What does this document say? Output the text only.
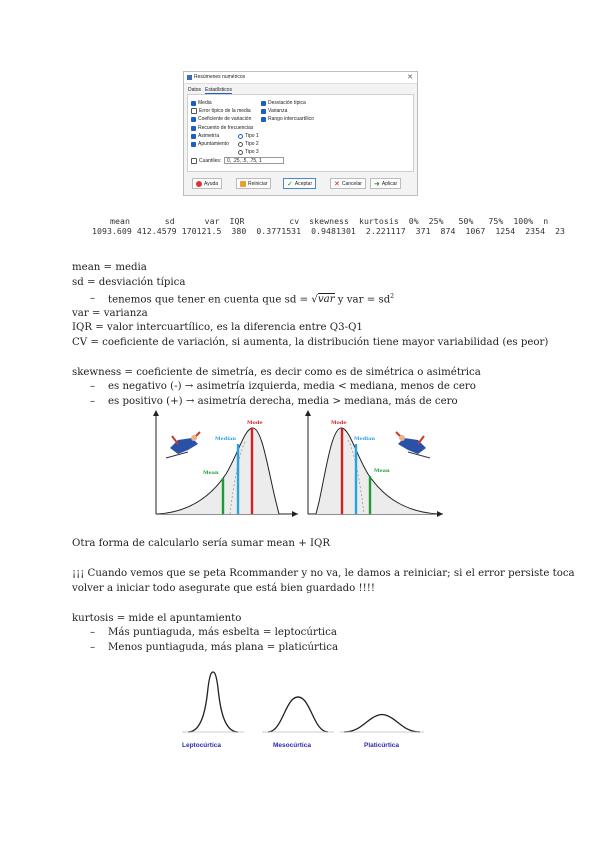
Resúmenes numéricos	✕
Datos Estadísticos
Media
Error típico de la media
Coeficiente de variación
Recuento de frecuencias
Asimetría
Apuntamiento
Desviación típica
Varianza
Rango intercuartílico
Tipo 1
Tipo 2
Tipo 3
Cuantiles:	0, .25, .5, .75, 1
Ayuda	Reiniciar	✓ Aceptar	✕ Cancelar ➜ Aplicar
mean       sd      var  IQR         cv  skewness  kurtosis  0%  25%   50%   75%  100%  n
1093.609 412.4579 170121.5  380  0.3771531  0.9481301  2.221117  371  874  1067  1254  2354  23
mean = media
sd = desviación típica
– tenemos que tener en cuenta que sd = √var y var = $sd^2$
var = varianza
IQR = valor intercuartílico, es la diferencia entre Q3-Q1
CV = coeficiente de variación, si aumenta, la distribución tiene mayor variabilidad (es peor)
skewness = coeficiente de simetría, es decir como es de simétrica o asimétrica
– es negativo (-) → asimetría izquierda, media < mediana, menos de cero
– es positivo (+) → asimetría derecha, media > mediana, más de cero
Mode
Median
Mean
Mode
Median
Mean
Otra forma de calcularlo sería sumar mean + IQR
¡¡¡ Cuando vemos que se peta Rcommander y no va, le damos a reiniciar; si el error persiste toca
volver a iniciar todo asegurate que está bien guardado !!!!
kurtosis = mide el apuntamiento
– Más puntiaguda, más esbelta = leptocúrtica
– Menos puntiaguda, más plana = platicúrtica
Leptocúrtica	Mesocúrtica	Platicúrtica
